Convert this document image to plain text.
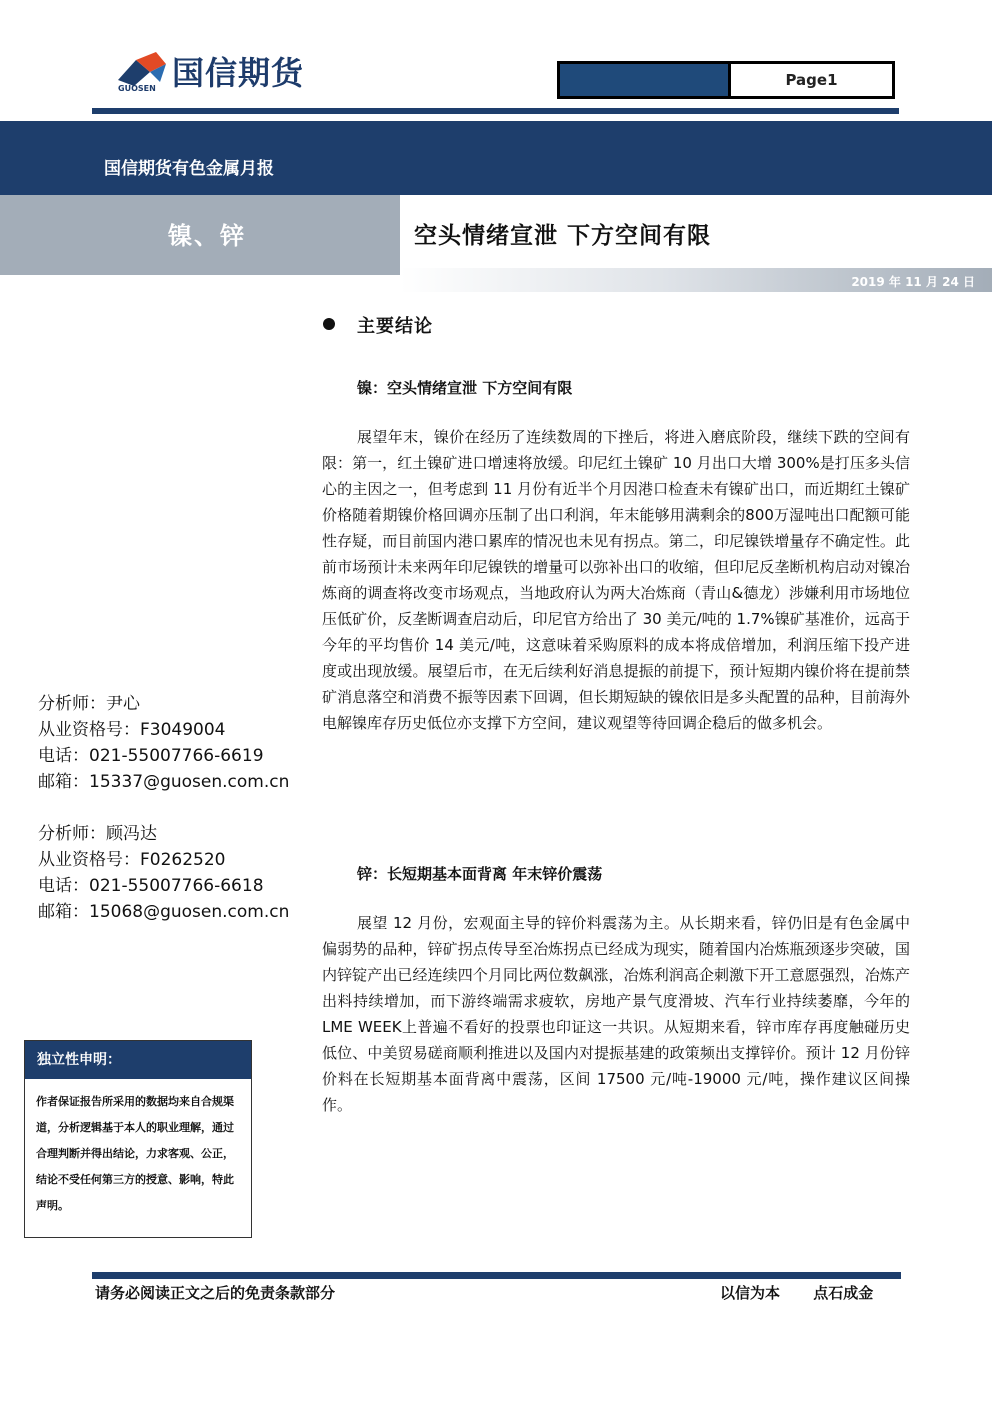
国信期货
GUOSEN	Page1
国信期货有色金属月报
镍、锌	空头情绪宣泄 下方空间有限
2019 年 11 月 24 日
主要结论
镍：空头情绪宣泄 下方空间有限

展望年末，镍价在经历了连续数周的下挫后，将进入磨底阶段，继续下跌的空间有限：第一，红土镍矿进口增速将放缓。印尼红土镍矿 10 月出口大增 300%是打压多头信心的主因之一，但考虑到 11 月份有近半个月因港口检查未有镍矿出口，而近期红土镍矿价格随着期镍价格回调亦压制了出口利润，年末能够用满剩余的800万湿吨出口配额可能性存疑，而目前国内港口累库的情况也未见有拐点。第二，印尼镍铁增量存不确定性。此前市场预计未来两年印尼镍铁的增量可以弥补出口的收缩，但印尼反垄断机构启动对镍冶炼商的调查将改变市场观点，当地政府认为两大冶炼商（青山&德龙）涉嫌利用市场地位压低矿价，反垄断调查启动后，印尼官方给出了 30 美元/吨的 1.7%镍矿基准价，远高于今年的平均售价 14 美元/吨，这意味着采购原料的成本将成倍增加，利润压缩下投产进度或出现放缓。展望后市，在无后续利好消息提振的前提下，预计短期内镍价将在提前禁矿消息落空和消费不振等因素下回调，但长期短缺的镍依旧是多头配置的品种，目前海外电解镍库存历史低位亦支撑下方空间，建议观望等待回调企稳后的做多机会。

锌：长短期基本面背离 年末锌价震荡

展望 12 月份，宏观面主导的锌价料震荡为主。从长期来看，锌仍旧是有色金属中偏弱势的品种，锌矿拐点传导至冶炼拐点已经成为现实，随着国内冶炼瓶颈逐步突破，国内锌锭产出已经连续四个月同比两位数飙涨，冶炼利润高企刺激下开工意愿强烈，冶炼产出料持续增加，而下游终端需求疲软，房地产景气度滑坡、汽车行业持续萎靡，今年的LME WEEK上普遍不看好的投票也印证这一共识。从短期来看，锌市库存再度触碰历史低位、中美贸易磋商顺利推进以及国内对提振基建的政策频出支撑锌价。预计 12 月份锌价料在长短期基本面背离中震荡，区间 17500 元/吨-19000 元/吨，操作建议区间操作。

分析师：尹心
从业资格号：F3049004
电话：021-55007766-6619
邮箱：15337@guosen.com.cn
分析师：顾冯达
从业资格号：F0262520
电话：021-55007766-6618
邮箱：15068@guosen.com.cn
独立性申明：

作者保证报告所采用的数据均来自合规渠道，分析逻辑基于本人的职业理解，通过合理判断并得出结论，力求客观、公正，结论不受任何第三方的授意、影响，特此声明。

请务必阅读正文之后的免责条款部分	以信为本 点石成金
